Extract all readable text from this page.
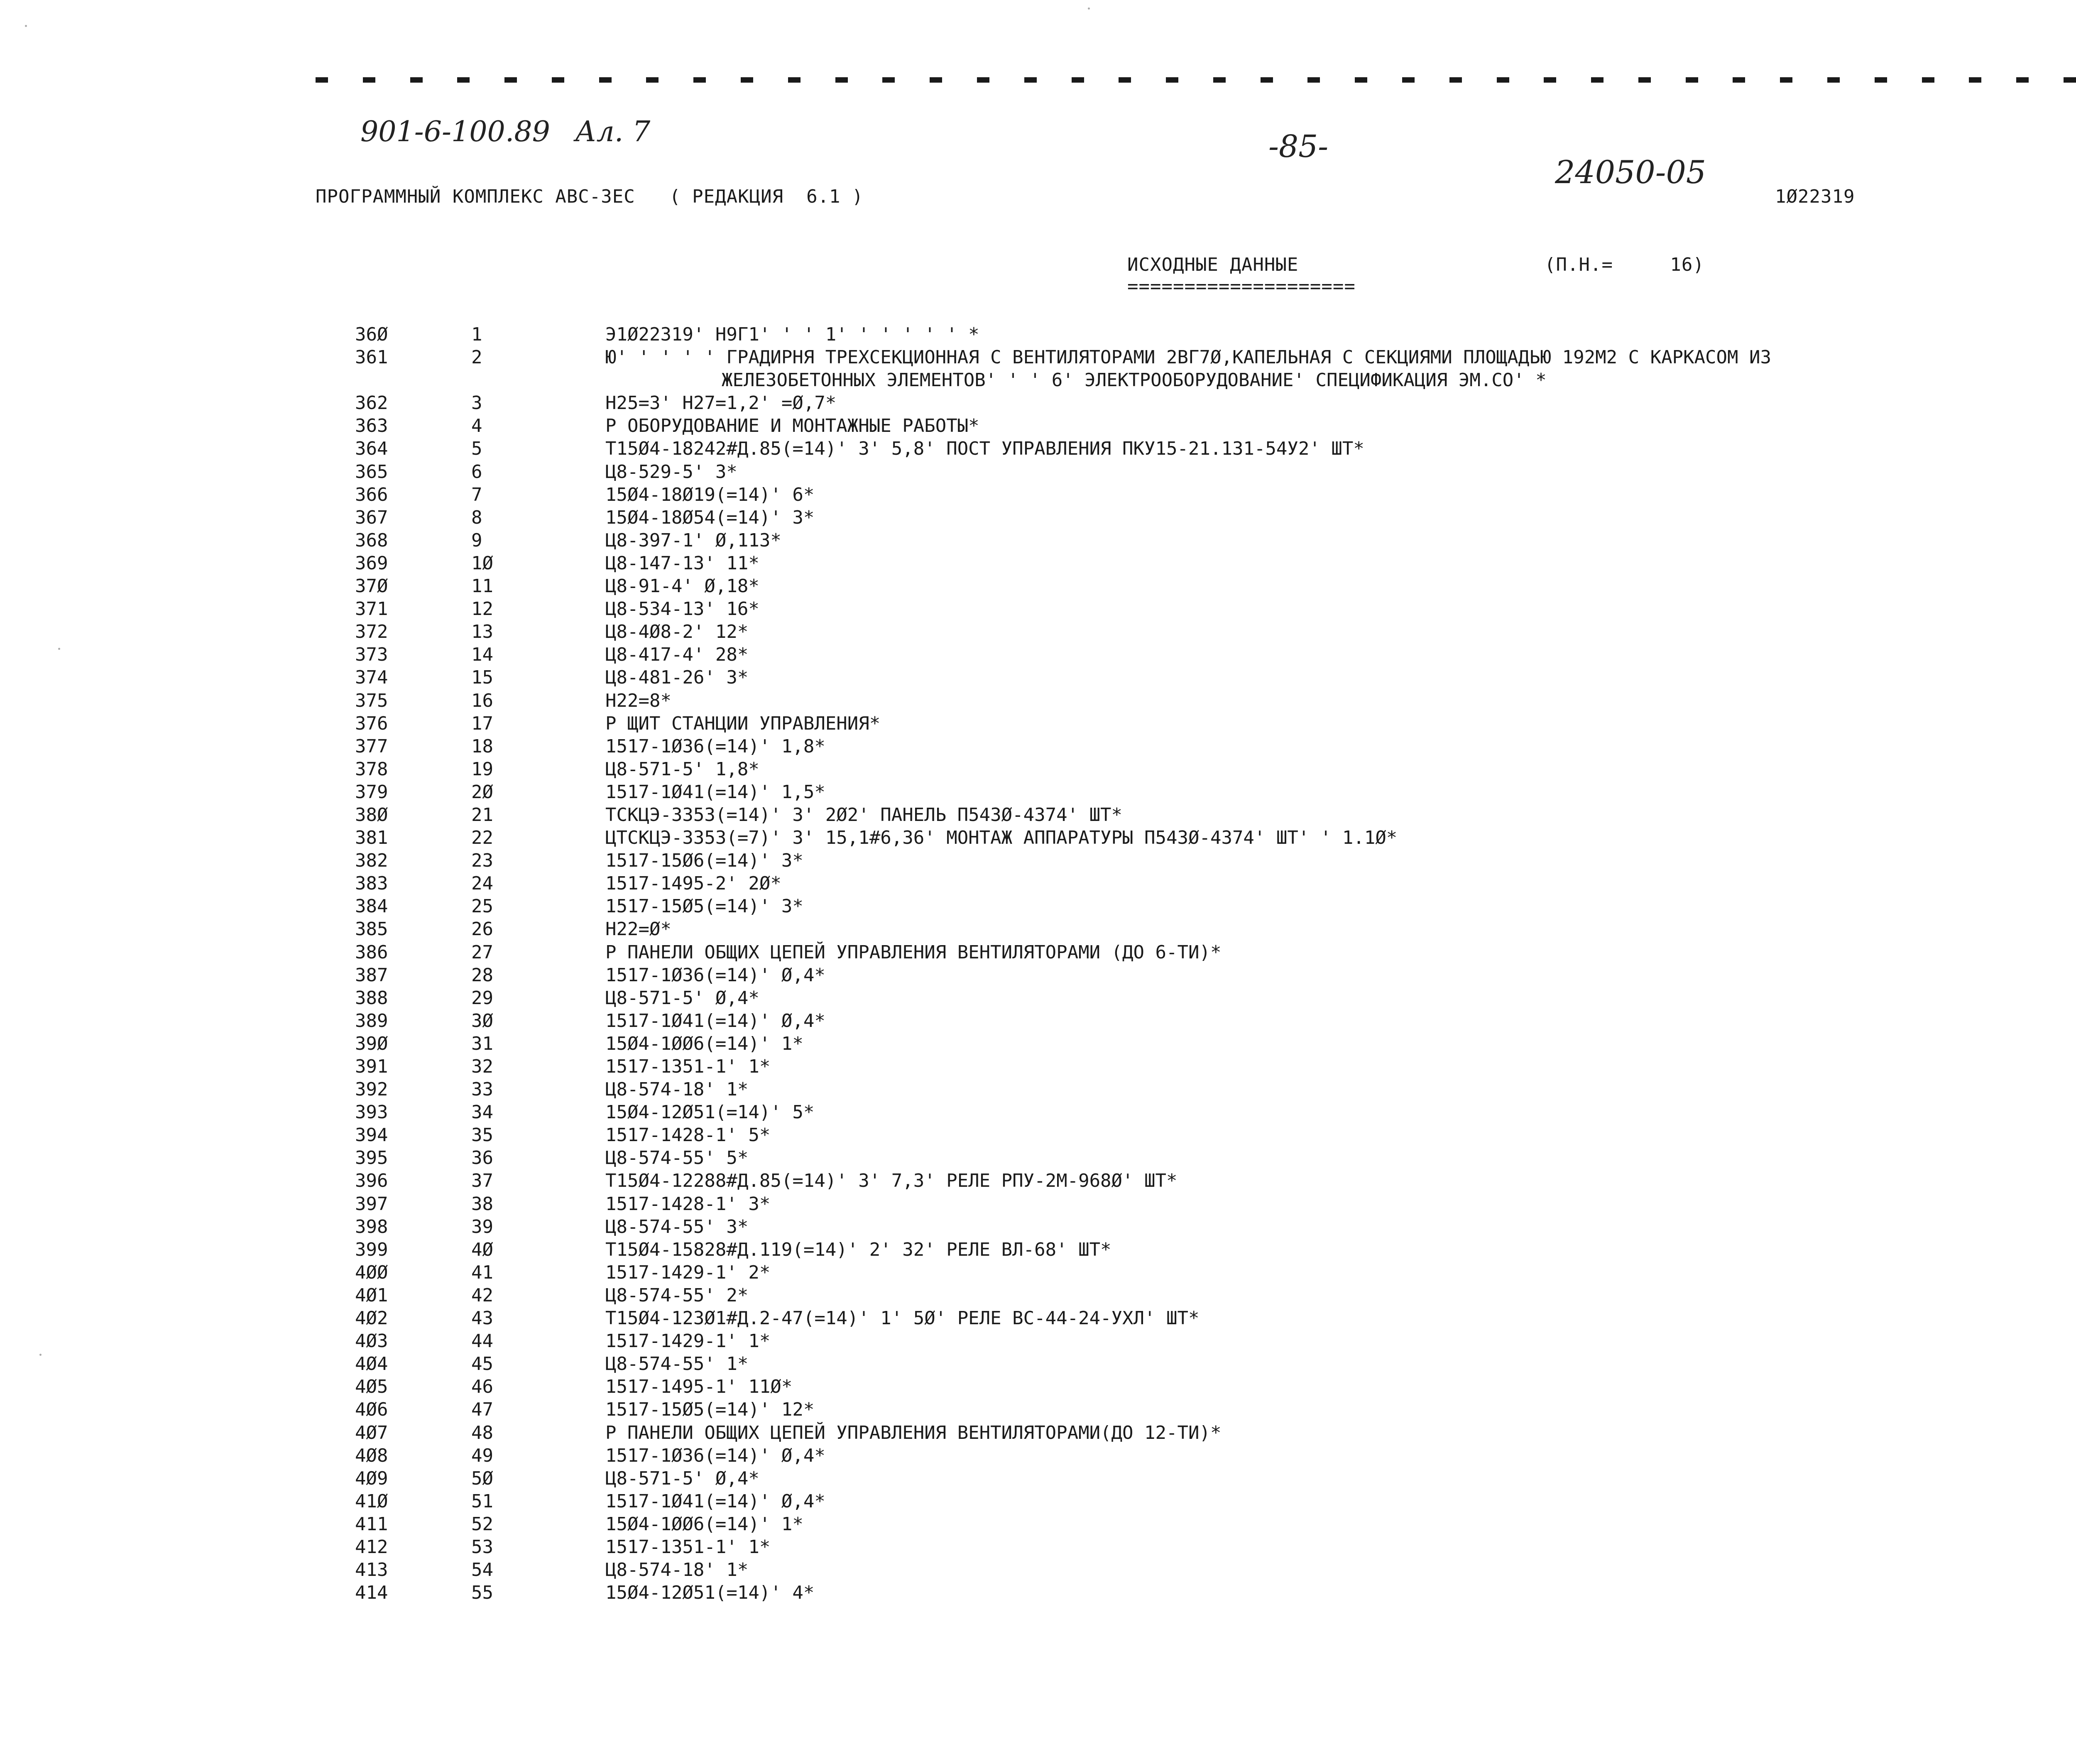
901-6-100.89 Ал. 7	-85-
24050-05
ПРОГРАММНЫЙ КОМПЛЕКС АВС-3ЕС   ( РЕДАКЦИЯ  6.1 )	1Ø22319
ИСХОДНЫЕ ДАННЫЕ	(П.Н.=     16)
====================
36Ø	1	Э1Ø22319' Н9Г1' ' ' 1' ' ' ' ' ' *
361	2	Ю' ' ' ' ' ГРАДИРНЯ ТРЕХСЕКЦИОННАЯ С ВЕНТИЛЯТОРАМИ 2ВГ7Ø,КАПЕЛЬНАЯ С СЕКЦИЯМИ ПЛОЩАДЬЮ 192М2 С КАРКАСОМ ИЗ
ЖЕЛЕЗОБЕТОННЫХ ЭЛЕМЕНТОВ' ' ' 6' ЭЛЕКТРООБОРУДОВАНИЕ' СПЕЦИФИКАЦИЯ ЭМ.СО' *
362	3	Н25=3' Н27=1,2' =Ø,7*
363	4	Р ОБОРУДОВАНИЕ И МОНТАЖНЫЕ РАБОТЫ*
364	5	Т15Ø4-18242#Д.85(=14)' 3' 5,8' ПОСТ УПРАВЛЕНИЯ ПКУ15-21.131-54У2' ШТ*
365	6	Ц8-529-5' 3*
366	7	15Ø4-18Ø19(=14)' 6*
367	8	15Ø4-18Ø54(=14)' 3*
368	9	Ц8-397-1' Ø,113*
369	1Ø	Ц8-147-13' 11*
37Ø	11	Ц8-91-4' Ø,18*
371	12	Ц8-534-13' 16*
372	13	Ц8-4Ø8-2' 12*
373	14	Ц8-417-4' 28*
374	15	Ц8-481-26' 3*
375	16	Н22=8*
376	17	Р ЩИТ СТАНЦИИ УПРАВЛЕНИЯ*
377	18	1517-1Ø36(=14)' 1,8*
378	19	Ц8-571-5' 1,8*
379	2Ø	1517-1Ø41(=14)' 1,5*
38Ø	21	ТСКЦЭ-3353(=14)' 3' 2Ø2' ПАНЕЛЬ П543Ø-4374' ШТ*
381	22	ЦТСКЦЭ-3353(=7)' 3' 15,1#6,36' МОНТАЖ АППАРАТУРЫ П543Ø-4374' ШТ' ' 1.1Ø*
382	23	1517-15Ø6(=14)' 3*
383	24	1517-1495-2' 2Ø*
384	25	1517-15Ø5(=14)' 3*
385	26	Н22=Ø*
386	27	Р ПАНЕЛИ ОБЩИХ ЦЕПЕЙ УПРАВЛЕНИЯ ВЕНТИЛЯТОРАМИ (ДО 6-ТИ)*
387	28	1517-1Ø36(=14)' Ø,4*
388	29	Ц8-571-5' Ø,4*
389	3Ø	1517-1Ø41(=14)' Ø,4*
39Ø	31	15Ø4-1ØØ6(=14)' 1*
391	32	1517-1351-1' 1*
392	33	Ц8-574-18' 1*
393	34	15Ø4-12Ø51(=14)' 5*
394	35	1517-1428-1' 5*
395	36	Ц8-574-55' 5*
396	37	Т15Ø4-12288#Д.85(=14)' 3' 7,3' РЕЛЕ РПУ-2М-968Ø' ШТ*
397	38	1517-1428-1' 3*
398	39	Ц8-574-55' 3*
399	4Ø	Т15Ø4-15828#Д.119(=14)' 2' 32' РЕЛЕ ВЛ-68' ШТ*
4ØØ	41	1517-1429-1' 2*
4Ø1	42	Ц8-574-55' 2*
4Ø2	43	Т15Ø4-123Ø1#Д.2-47(=14)' 1' 5Ø' РЕЛЕ ВС-44-24-УХЛ' ШТ*
4Ø3	44	1517-1429-1' 1*
4Ø4	45	Ц8-574-55' 1*
4Ø5	46	1517-1495-1' 11Ø*
4Ø6	47	1517-15Ø5(=14)' 12*
4Ø7	48	Р ПАНЕЛИ ОБЩИХ ЦЕПЕЙ УПРАВЛЕНИЯ ВЕНТИЛЯТОРАМИ(ДО 12-ТИ)*
4Ø8	49	1517-1Ø36(=14)' Ø,4*
4Ø9	5Ø	Ц8-571-5' Ø,4*
41Ø	51	1517-1Ø41(=14)' Ø,4*
411	52	15Ø4-1ØØ6(=14)' 1*
412	53	1517-1351-1' 1*
413	54	Ц8-574-18' 1*
414	55	15Ø4-12Ø51(=14)' 4*
